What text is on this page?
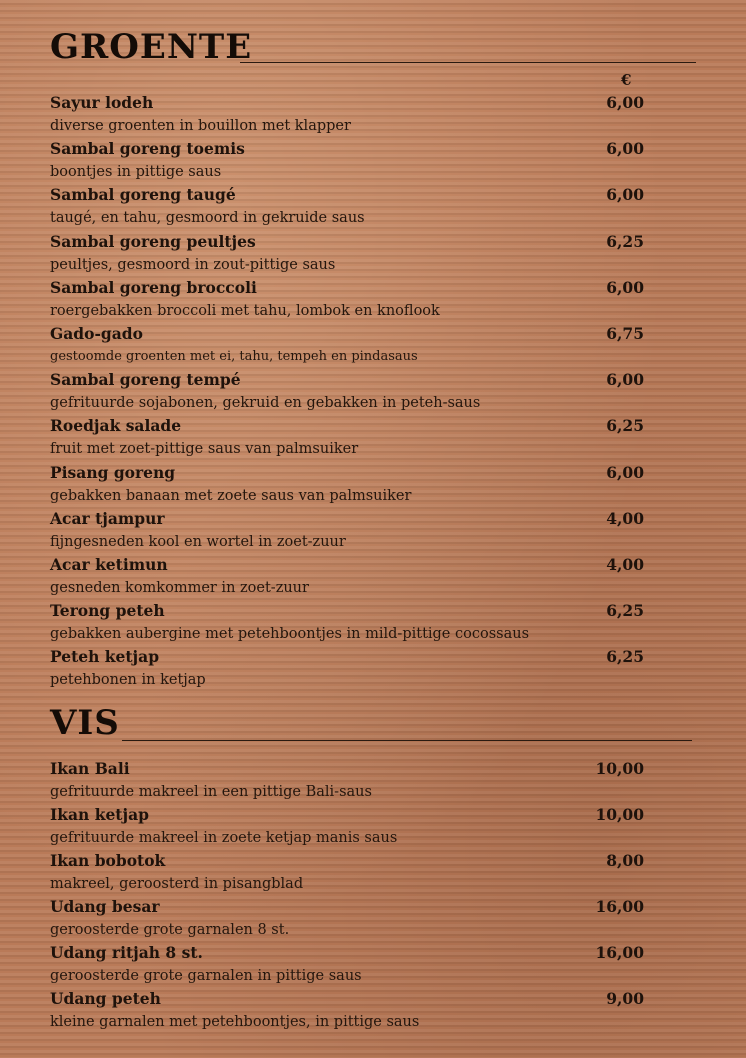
GROENTE
€
Sayur lodeh	6,00
diverse groenten in bouillon met klapper
Sambal goreng toemis	6,00
boontjes in pittige saus
Sambal goreng taugé	6,00
taugé, en tahu, gesmoord in gekruide saus
Sambal goreng peultjes	6,25
peultjes, gesmoord in zout-pittige saus
Sambal goreng broccoli	6,00
roergebakken broccoli met tahu, lombok en knoflook
Gado-gado	6,75
gestoomde groenten met ei, tahu, tempeh en pindasaus
Sambal goreng tempé	6,00
gefrituurde sojabonen, gekruid en gebakken in peteh-saus
Roedjak salade	6,25
fruit met zoet-pittige saus van palmsuiker
Pisang goreng	6,00
gebakken banaan met zoete saus van palmsuiker
Acar tjampur	4,00
fijngesneden kool en wortel in zoet-zuur
Acar ketimun	4,00
gesneden komkommer in zoet-zuur
Terong peteh	6,25
gebakken aubergine met petehboontjes in mild-pittige cocossaus
Peteh ketjap	6,25
petehbonen in ketjap
VIS
Ikan Bali	10,00
gefrituurde makreel in een pittige Bali-saus
Ikan ketjap	10,00
gefrituurde makreel in zoete ketjap manis saus
Ikan bobotok	8,00
makreel, geroosterd in pisangblad
Udang besar	16,00
geroosterde grote garnalen 8 st.
Udang ritjah 8 st.	16,00
geroosterde grote garnalen in pittige saus
Udang peteh	9,00
kleine garnalen met petehboontjes, in pittige saus
